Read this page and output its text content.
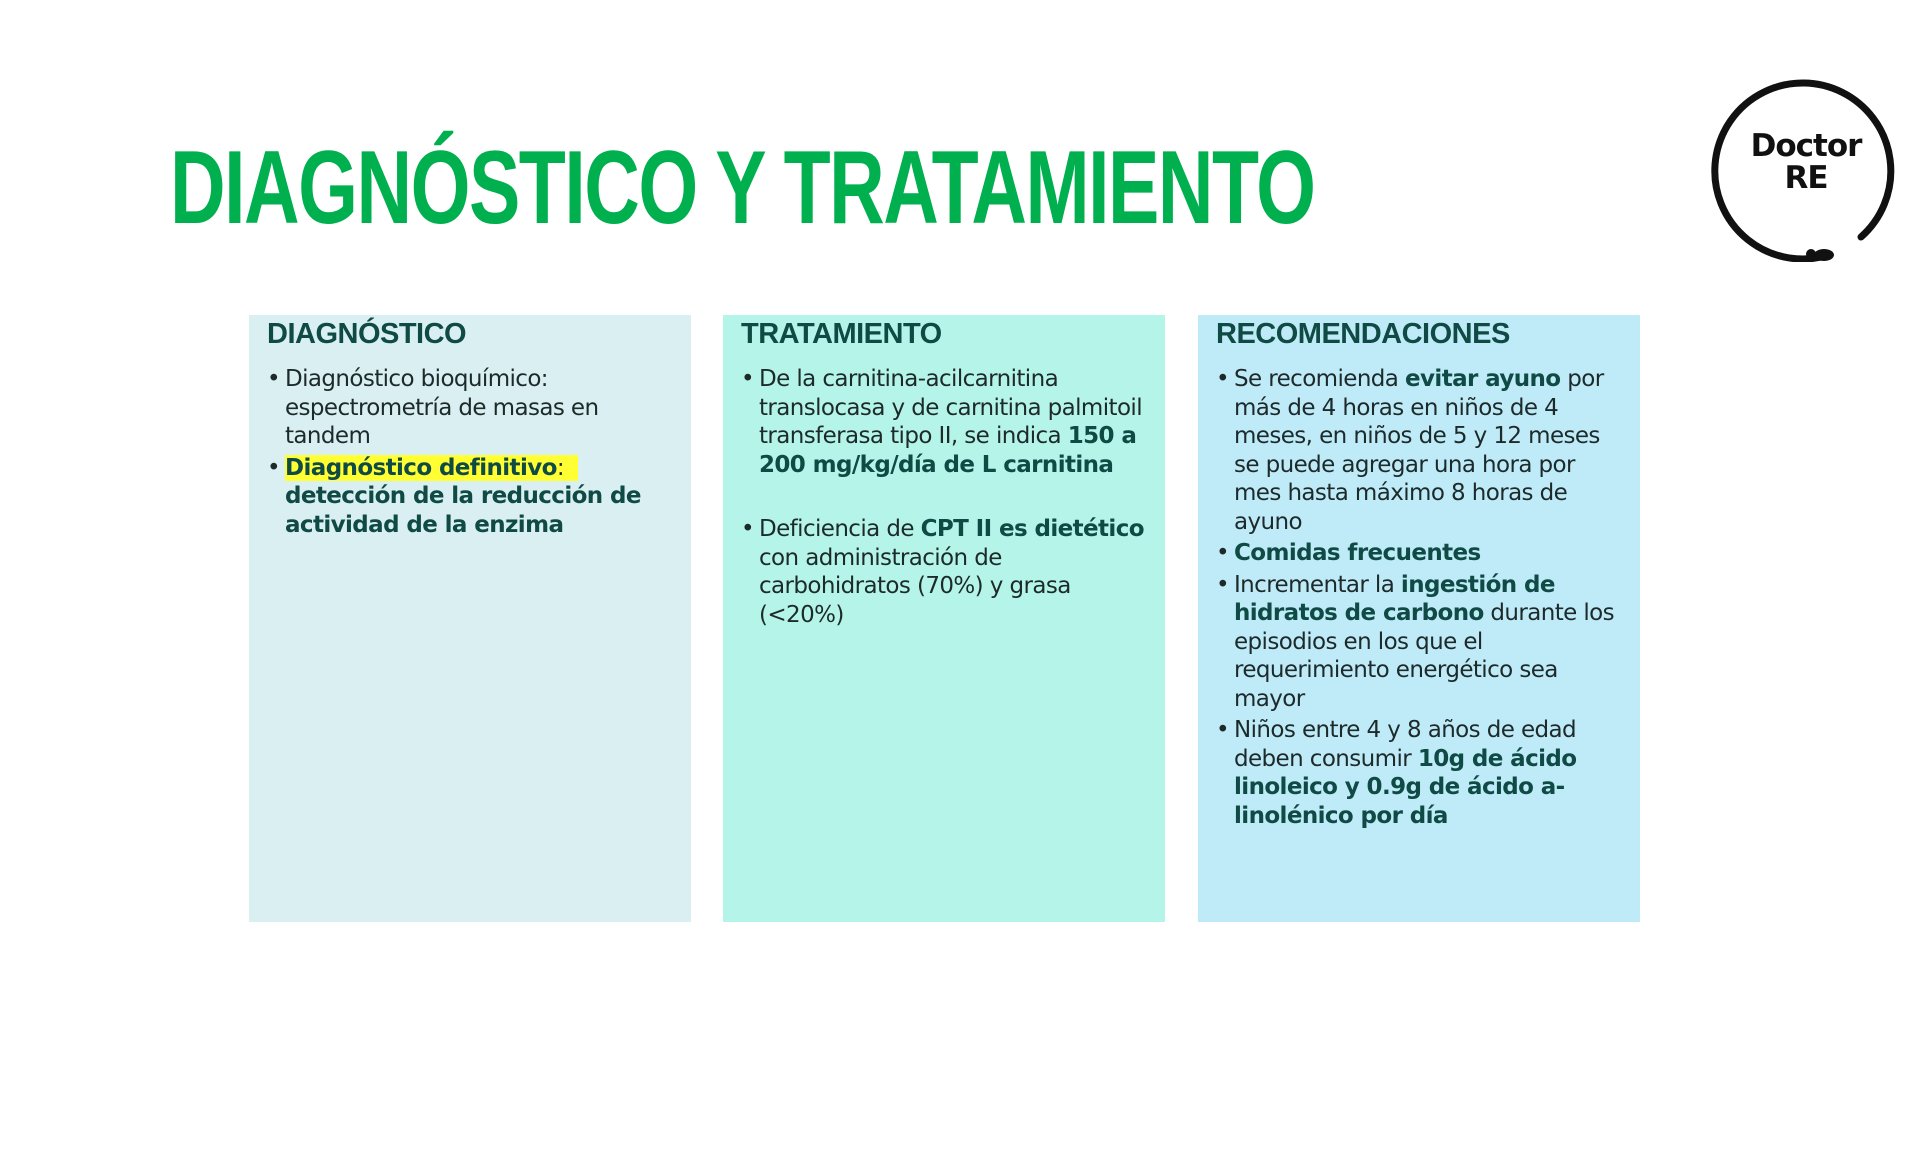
DIAGNÓSTICO Y TRATAMIENTO	Doctor
RE
DIAGNÓSTICO
• Diagnóstico bioquímico: espectrometría de masas en tandem
• Diagnóstico definitivo: detección de la reducción de actividad de la enzima
TRATAMIENTO
• De la carnitina-acilcarnitina translocasa y de carnitina palmitoil transferasa tipo II, se indica 150 a 200 mg/kg/día de L carnitina
• Deficiencia de CPT II es dietético con administración de carbohidratos (70%) y grasa (<20%)
RECOMENDACIONES
• Se recomienda evitar ayuno por más de 4 horas en niños de 4 meses, en niños de 5 y 12 meses se puede agregar una hora por mes hasta máximo 8 horas de ayuno
• Comidas frecuentes
• Incrementar la ingestión de hidratos de carbono durante los episodios en los que el requerimiento energético sea mayor
• Niños entre 4 y 8 años de edad deben consumir 10g de ácido linoleico y 0.9g de ácido a- linolénico por día
